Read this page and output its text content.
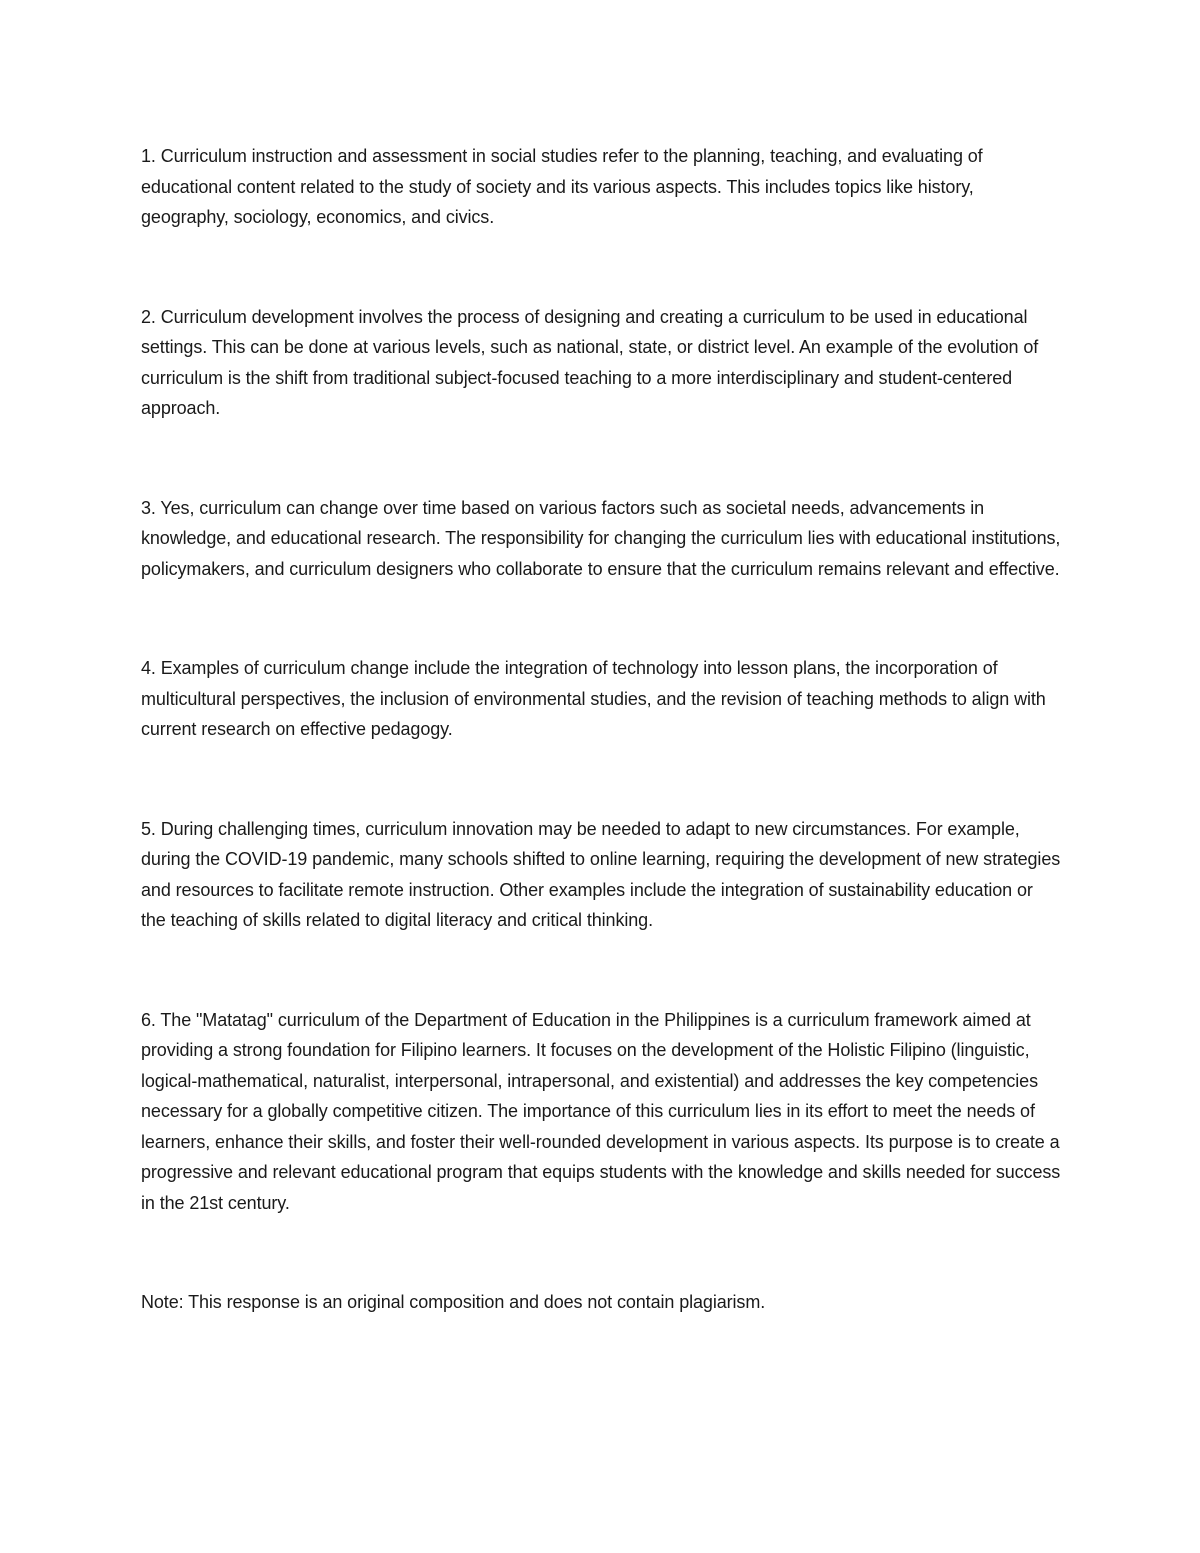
1. Curriculum instruction and assessment in social studies refer to the planning, teaching, and evaluating of educational content related to the study of society and its various aspects. This includes topics like history, geography, sociology, economics, and civics.

2. Curriculum development involves the process of designing and creating a curriculum to be used in educational settings. This can be done at various levels, such as national, state, or district level. An example of the evolution of curriculum is the shift from traditional subject-focused teaching to a more interdisciplinary and student-centered approach.

3. Yes, curriculum can change over time based on various factors such as societal needs, advancements in knowledge, and educational research. The responsibility for changing the curriculum lies with educational institutions, policymakers, and curriculum designers who collaborate to ensure that the curriculum remains relevant and effective.

4. Examples of curriculum change include the integration of technology into lesson plans, the incorporation of multicultural perspectives, the inclusion of environmental studies, and the revision of teaching methods to align with current research on effective pedagogy.

5. During challenging times, curriculum innovation may be needed to adapt to new circumstances. For example, during the COVID-19 pandemic, many schools shifted to online learning, requiring the development of new strategies and resources to facilitate remote instruction. Other examples include the integration of sustainability education or the teaching of skills related to digital literacy and critical thinking.

6. The "Matatag" curriculum of the Department of Education in the Philippines is a curriculum framework aimed at providing a strong foundation for Filipino learners. It focuses on the development of the Holistic Filipino (linguistic, logical-mathematical, naturalist, interpersonal, intrapersonal, and existential) and addresses the key competencies necessary for a globally competitive citizen. The importance of this curriculum lies in its effort to meet the needs of learners, enhance their skills, and foster their well-rounded development in various aspects. Its purpose is to create a progressive and relevant educational program that equips students with the knowledge and skills needed for success in the 21st century.

Note: This response is an original composition and does not contain plagiarism.
